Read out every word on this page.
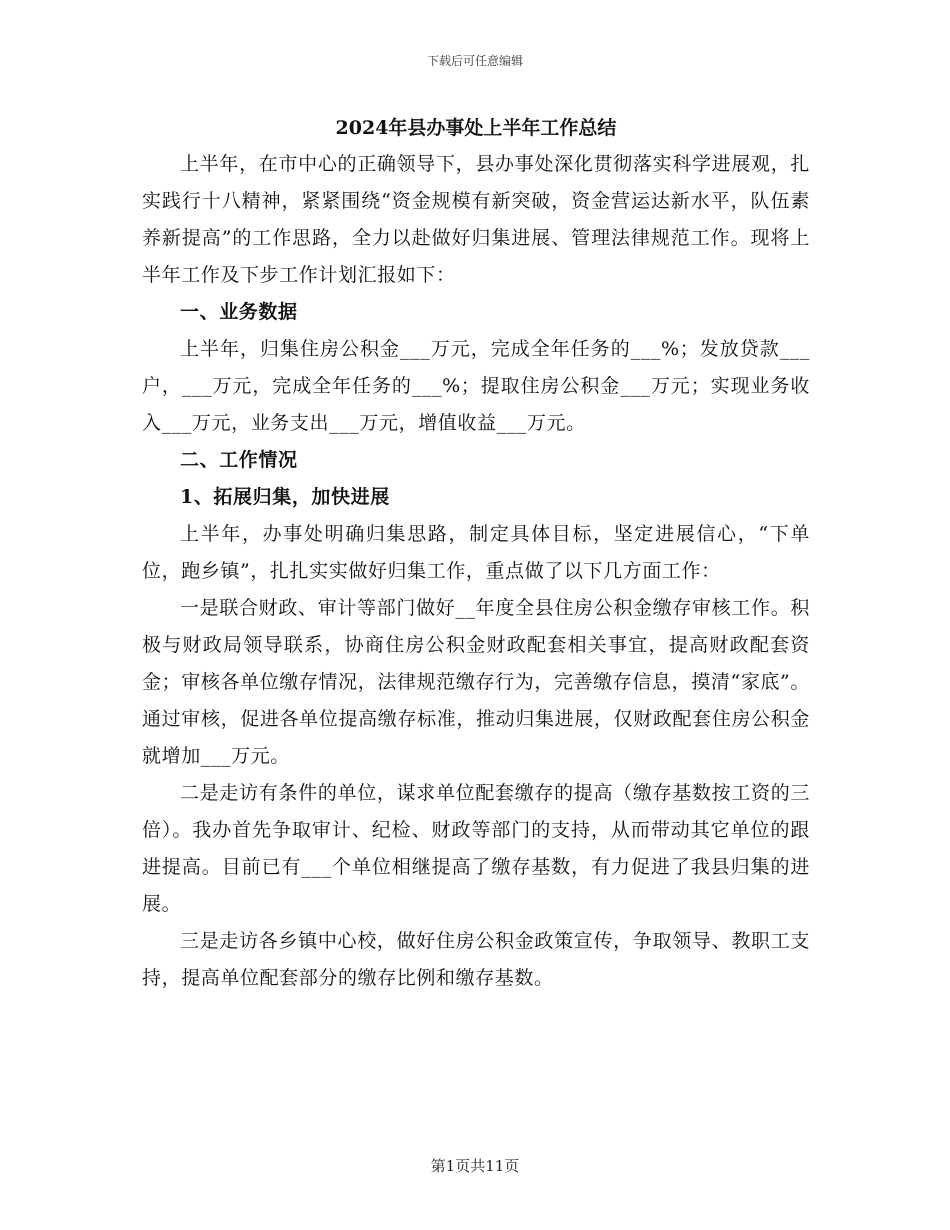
下载后可任意编辑
2024年县办事处上半年工作总结

上半年，在市中心的正确领导下，县办事处深化贯彻落实科学进展观，扎实践行十八精神，紧紧围绕“资金规模有新突破，资金营运达新水平，队伍素养新提高”的工作思路，全力以赴做好归集进展、管理法律规范工作。现将上半年工作及下步工作计划汇报如下：

一、业务数据

上半年，归集住房公积金___万元，完成全年任务的___%；发放贷款___户，___万元，完成全年任务的___%；提取住房公积金___万元；实现业务收入___万元，业务支出___万元，增值收益___万元。

二、工作情况

1、拓展归集，加快进展

上半年，办事处明确归集思路，制定具体目标，坚定进展信心，“下单位，跑乡镇”，扎扎实实做好归集工作，重点做了以下几方面工作：

一是联合财政、审计等部门做好__年度全县住房公积金缴存审核工作。积极与财政局领导联系，协商住房公积金财政配套相关事宜，提高财政配套资金；审核各单位缴存情况，法律规范缴存行为，完善缴存信息，摸清“家底”。通过审核，促进各单位提高缴存标准，推动归集进展，仅财政配套住房公积金就增加___万元。

二是走访有条件的单位，谋求单位配套缴存的提高（缴存基数按工资的三倍）。我办首先争取审计、纪检、财政等部门的支持，从而带动其它单位的跟进提高。目前已有___个单位相继提高了缴存基数，有力促进了我县归集的进展。

三是走访各乡镇中心校，做好住房公积金政策宣传，争取领导、教职工支持，提高单位配套部分的缴存比例和缴存基数。

第1页共11页
